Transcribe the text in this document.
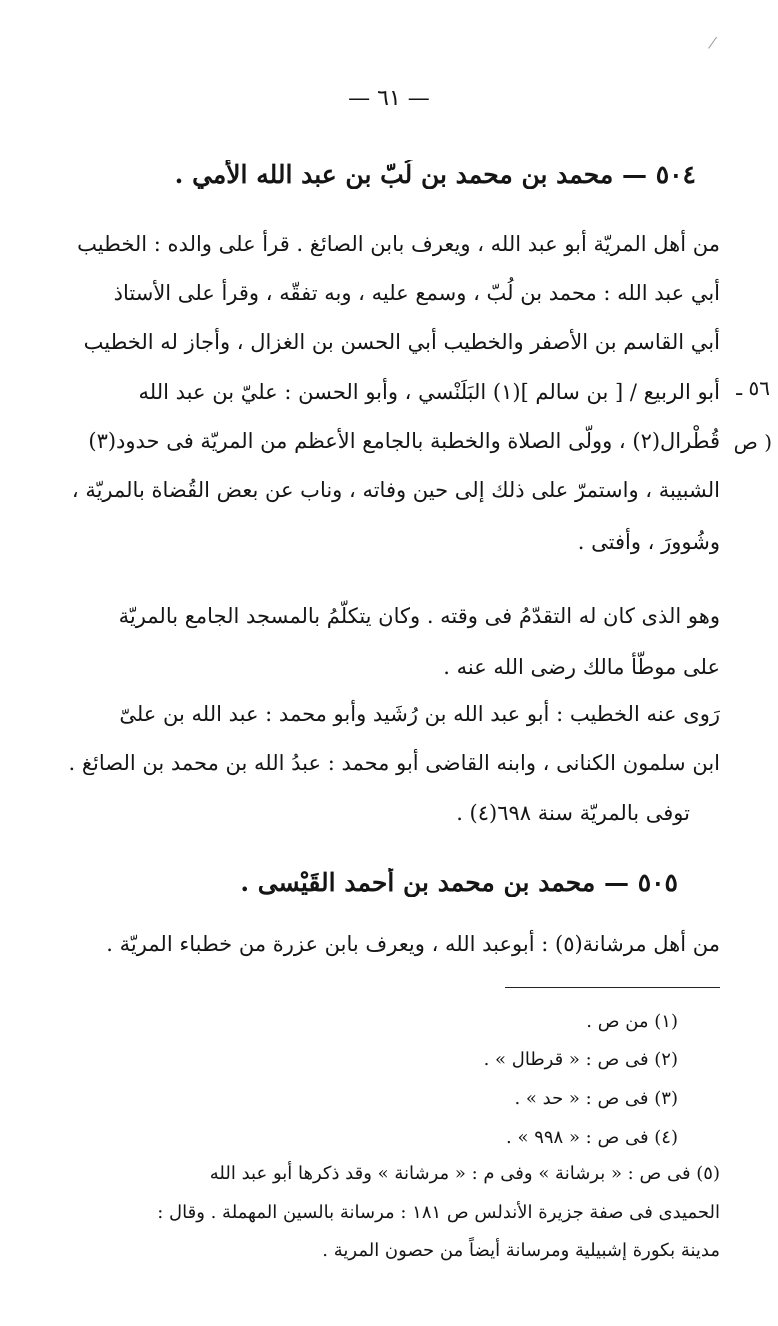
— ٦١ —
٥٠٤ — محمد بن محمد بن لُبّ بن عبد الله الأمي .
من أهل المريّة أبو عبد الله ، ويعرف بابن الصائغ . قرأ على والده : الخطيب
أبي عبد الله : محمد بن لُبّ ، وسمع عليه ، وبه تفقّه ، وقرأ على الأستاذ
أبي القاسم بن الأصفر والخطيب أبي الحسن بن الغزال ، وأجاز له الخطيب
أبو الربيع / [ بن سالم ](١) البَلَنْسي ، وأبو الحسن : عليّ بن عبد الله
قُطْرال(٢) ، وولّى الصلاة والخطبة بالجامع الأعظم من المريّة فى حدود(٣)
الشبيبة ، واستمرّ على ذلك إلى حين وفاته ، وناب عن بعض القُضاة بالمريّة ،
وشُوورَ ، وأفتى .
وهو الذى كان له التقدّمُ فى وقته . وكان يتكلّمُ بالمسجد الجامع بالمريّة
على موطّأ مالك رضى الله عنه .
رَوى عنه الخطيب : أبو عبد الله بن رُشَيد وأبو محمد : عبد الله بن علىّ
ابن سلمون الكنانى ، وابنه القاضى أبو محمد : عبدُ الله بن محمد بن الصائغ .
توفى بالمريّة سنة ٦٩٨(٤) .
٥٠٥ — محمد بن محمد بن أحمد القَيْسى .
من أهل مرشانة(٥) : أبوعبد الله ، ويعرف بابن عزرة من خطباء المريّة .
٥٦ ـ
( ص
(١) من ص .
(٢) فى ص : « قرطال » .
(٣) فى ص : « حد » .
(٤) فى ص : « ٩٩٨ » .
(٥) فى ص : « برشانة » وفى م : « مرشانة » وقد ذكرها أبو عبد الله
الحميدى فى صفة جزيرة الأندلس ص ١٨١ : مرسانة بالسين المهملة . وقال :
مدينة بكورة إشبيلية ومرسانة أيضاً من حصون المرية .
